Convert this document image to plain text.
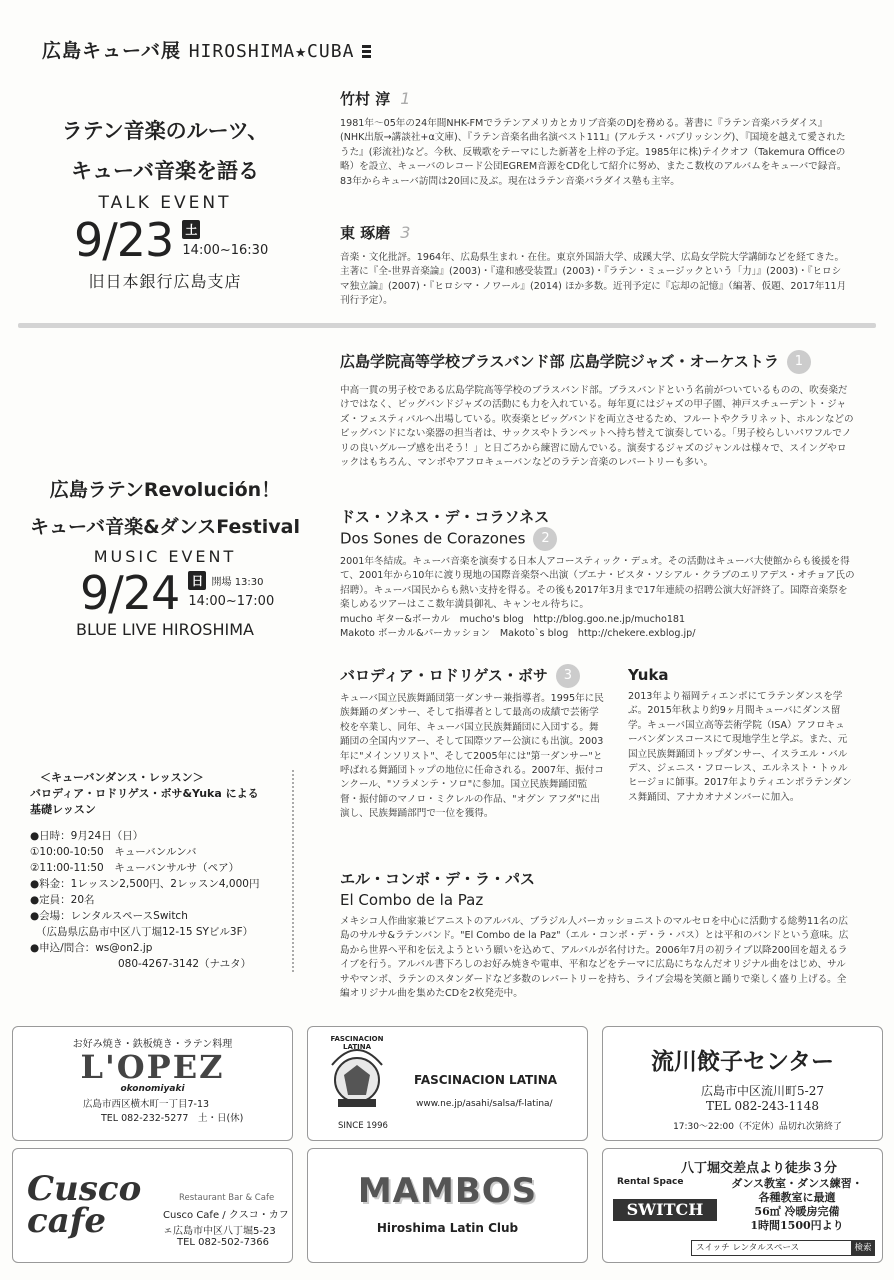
広島キューバ展 HIROSHIMA★CUBA
ラテン音楽のルーツ、
キューバ音楽を語る
TALK EVENT
9/23 土
14:00~16:30
旧日本銀行広島支店
竹村 淳 1
1981年～05年の24年間NHK-FMでラテンアメリカとカリブ音楽のDJを務める。著書に『ラテン音楽パラダイス』(NHK出版→講談社+α文庫)、『ラテン音楽名曲名演ベスト111』(アルテス・パブリッシング)、『国境を越えて愛されたうた』(彩流社)など。今秋、反戦歌をテーマにした新著を上梓の予定。1985年に株)テイクオフ（Takemura Officeの略）を設立、キューバのレコード公団EGREM音源をCD化して紹介に努め、またこ数枚のアルバムをキューバで録音。83年からキューバ訪問は20回に及ぶ。現在はラテン音楽パラダイス塾も主宰。
東 琢磨 3
音楽・文化批評。1964年、広島県生まれ・在住。東京外国語大学、成蹊大学、広島女学院大学講師などを経てきた。主著に『全-世界音楽論』(2003)・『違和感受装置』(2003)・『ラテン・ミュージックという「力」』(2003)・『ヒロシマ独立論』(2007)・『ヒロシマ・ノワール』(2014) ほか多数。近刊予定に『忘却の記憶』（編著、仮題、2017年11月刊行予定）。
広島ラテンRevolución！
キューバ音楽&ダンスFestival
MUSIC EVENT
9/24 日 開場 13:30
14:00~17:00
BLUE LIVE HIROSHIMA
広島学院高等学校ブラスバンド部 広島学院ジャズ・オーケストラ 1
中高一貫の男子校である広島学院高等学校のブラスバンド部。ブラスバンドという名前がついているものの、吹奏楽だけではなく、ビッグバンドジャズの活動にも力を入れている。毎年夏にはジャズの甲子園、神戸スチューデント・ジャズ・フェスティバルへ出場している。吹奏楽とビッグバンドを両立させるため、フルートやクラリネット、ホルンなどのビッグバンドにない楽器の担当者は、サックスやトランペットへ持ち替えて演奏している。「男子校らしいパワフルでノリの良いグループ感を出そう！」と日ごろから練習に励んでいる。演奏するジャズのジャンルは様々で、スイングやロックはもちろん、マンボやアフロキューバンなどのラテン音楽のレパートリーも多い。
ドス・ソネス・デ・コラソネス
Dos Sones de Corazones 2
2001年冬結成。キューバ音楽を演奏する日本人アコースティック・デュオ。その活動はキューバ大使館からも後援を得て、2001年から10年に渡り現地の国際音楽祭へ出演（ブエナ・ビスタ・ソシアル・クラブのエリアデス・オチョア氏の招聘）。キューバ国民からも熱い支持を得る。その後も2017年3月まで17年連続の招聘公演大好評終了。国際音楽祭を楽しめるツアーはここ数年満員御礼、キャンセル待ちに。
mucho ギター&ボーカル　mucho's blog　http://blog.goo.ne.jp/mucho181
Makoto ボーカル&パーカッション　Makoto`s blog　http://chekere.exblog.jp/
バロディア・ロドリゲス・ボサ 3
キューバ国立民族舞踊団第一ダンサー兼指導者。1995年に民族舞踊のダンサー、そして指導者として最高の成績で芸術学校を卒業し、同年、キューバ国立民族舞踊団に入団する。舞踊団の全国内ツアー、そして国際ツアー公演にも出演。2003年に"メインソリスト"、そして2005年には"第一ダンサー"と呼ばれる舞踊団トップの地位に任命される。2007年、振付コンクール、"ソラメンテ・ソロ"に参加。国立民族舞踊団監督・振付師のマノロ・ミクレルの作品、"オグン アフダ"に出演し、民族舞踊部門で一位を獲得。
Yuka
2013年より福岡ティエンポにてラテンダンスを学ぶ。2015年秋より約9ヶ月間キューバにダンス留学。キューバ国立高等芸術学院（ISA）アフロキューバンダンスコースにて現地学生と学ぶ。また、元国立民族舞踊団トップダンサー、イスラエル・バルデス、ジェニス・フローレス、エルネスト・トゥルヒージョに師事。2017年よりティエンポラテンダンス舞踊団、アナカオナメンバーに加入。
エル・コンボ・デ・ラ・パス
El Combo de la Paz
メキシコ人作曲家兼ピアニストのアルバル、ブラジル人パーカッショニストのマルセロを中心に活動する総勢11名の広島のサルサ&ラテンバンド。"El Combo de la Paz"（エル・コンボ・デ・ラ・パス）とは平和のバンドという意味。広島から世界へ平和を伝えようという願いを込めて、アルバルが名付けた。2006年7月の初ライブ以降200回を超えるライブを行う。アルバル書下ろしのお好み焼きや電車、平和などをテーマに広島にちなんだオリジナル曲をはじめ、サルサやマンボ、ラテンのスタンダードなど多数のレパートリーを持ち、ライブ会場を笑顔と踊りで楽しく盛り上げる。全編オリジナル曲を集めたCDを2枚発売中。
＜キューバンダンス・レッスン＞
バロディア・ロドリゲス・ボサ&Yuka による
基礎レッスン
●日時：9月24日（日）
①10:00-10:50　キューバンルンバ
②11:00-11:50　キューバンサルサ（ペア）
●料金：1レッスン2,500円、2レッスン4,000円
●定員：20名
●会場：レンタルスペースSwitch
（広島県広島市中区八丁堀12-15 SYビル3F）
●申込/問合：ws@on2.jp
080-4267-3142（ナユタ）
お好み焼き・鉄板焼き・ラテン料理
L'OPEZ
okonomiyaki
広島市西区横木町一丁目7-13
TEL 082-232-5277　 土・日(休)
FASCINACION LATINA
SINCE 1996
FASCINACION LATINA
www.ne.jp/asahi/salsa/f-latina/
流川餃子センター
広島市中区流川町5-27
TEL 082-243-1148
17:30～22:00（不定休）品切れ次第終了
Cusco cafe
Restaurant Bar & Cafe
Cusco Cafe / クスコ・カフェ 広島市中区八丁堀5-23
TEL 082-502-7366
MAMBOS
Hiroshima Latin Club
八丁堀交差点より徒歩３分
Rental Space
SWITCH
ダンス教室・ダンス練習・
各種教室に最適
56㎡ 冷暖房完備
1時間1500円より
スイッチ レンタルスペース	検索
